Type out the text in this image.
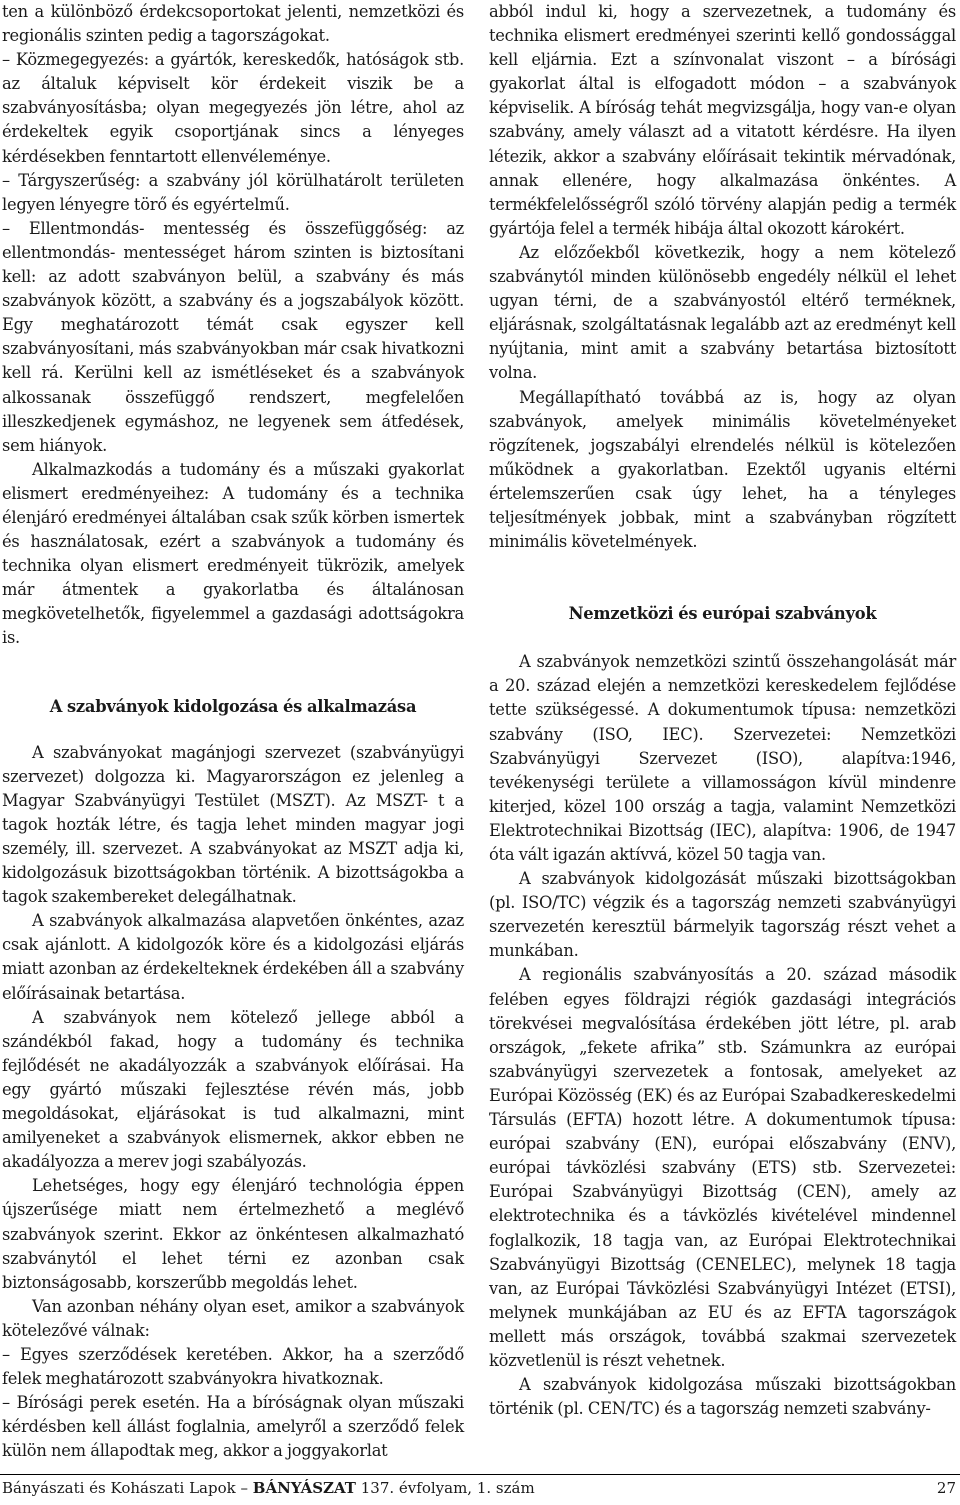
ten a különböző érdekcsoportokat jelenti, nemzetközi és regionális szinten pedig a tagországokat.

– Közmegegyezés: a gyártók, kereskedők, hatóságok stb. az általuk képviselt kör érdekeit viszik be a szabványosításba; olyan megegyezés jön létre, ahol az érdekeltek egyik csoportjának sincs a lényeges kérdésekben fenntartott ellenvéleménye.

– Tárgyszerűség: a szabvány jól körülhatárolt területen legyen lényegre törő és egyértelmű.

– Ellentmondás- mentesség és összefüggőség: az ellentmondás- mentességet három szinten is biztosítani kell: az adott szabványon belül, a szabvány és más szabványok között, a szabvány és a jogszabályok között. Egy meghatározott témát csak egyszer kell szabványosítani, más szabványokban már csak hivatkozni kell rá. Kerülni kell az ismétléseket és a szabványok alkossanak összefüggő rendszert, megfelelően illeszkedjenek egymáshoz, ne legyenek sem átfedések, sem hiányok.

Alkalmazkodás a tudomány és a műszaki gyakorlat elismert eredményeihez: A tudomány és a technika élenjáró eredményei általában csak szűk körben ismertek és használatosak, ezért a szabványok a tudomány és technika olyan elismert eredményeit tükrözik, amelyek már átmentek a gyakorlatba és általánosan megkövetelhetők, figyelemmel a gazdasági adottságokra is.

A szabványok kidolgozása és alkalmazása

A szabványokat magánjogi szervezet (szabványügyi szervezet) dolgozza ki. Magyarországon ez jelenleg a Magyar Szabványügyi Testület (MSZT). Az MSZT- t a tagok hozták létre, és tagja lehet minden magyar jogi személy, ill. szervezet. A szabványokat az MSZT adja ki, kidolgozásuk bizottságokban történik. A bizottságokba a tagok szakembereket delegálhatnak.

A szabványok alkalmazása alapvetően önkéntes, azaz csak ajánlott. A kidolgozók köre és a kidolgozási eljárás miatt azonban az érdekelteknek érdekében áll a szabvány előírásainak betartása.

A szabványok nem kötelező jellege abból a szándékból fakad, hogy a tudomány és technika fejlődését ne akadályozzák a szabványok előírásai. Ha egy gyártó műszaki fejlesztése révén más, jobb megoldásokat, eljárásokat is tud alkalmazni, mint amilyeneket a szabványok elismernek, akkor ebben ne akadályozza a merev jogi szabályozás.

Lehetséges, hogy egy élenjáró technológia éppen újszerűsége miatt nem értelmezhető a meglévő szabványok szerint. Ekkor az önkéntesen alkalmazható szabványtól el lehet térni ez azonban csak biztonságosabb, korszerűbb megoldás lehet.

Van azonban néhány olyan eset, amikor a szabványok kötelezővé válnak:

– Egyes szerződések keretében. Akkor, ha a szerződő felek meghatározott szabványokra hivatkoznak.

– Bírósági perek esetén. Ha a bíróságnak olyan műszaki kérdésben kell állást foglalnia, amelyről a szerződő felek külön nem állapodtak meg, akkor a joggyakorlat

abból indul ki, hogy a szervezetnek, a tudomány és technika elismert eredményei szerinti kellő gondossággal kell eljárnia. Ezt a színvonalat viszont – a bírósági gyakorlat által is elfogadott módon – a szabványok képviselik. A bíróság tehát megvizsgálja, hogy van-e olyan szabvány, amely választ ad a vitatott kérdésre. Ha ilyen létezik, akkor a szabvány előírásait tekintik mérvadónak, annak ellenére, hogy alkalmazása önkéntes. A termékfelelősségről szóló törvény alapján pedig a termék gyártója felel a termék hibája által okozott károkért.

Az előzőekből következik, hogy a nem kötelező szabványtól minden különösebb engedély nélkül el lehet ugyan térni, de a szabványostól eltérő terméknek, eljárásnak, szolgáltatásnak legalább azt az eredményt kell nyújtania, mint amit a szabvány betartása biztosított volna.

Megállapítható továbbá az is, hogy az olyan szabványok, amelyek minimális követelményeket rögzítenek, jogszabályi elrendelés nélkül is kötelezően működnek a gyakorlatban. Ezektől ugyanis eltérni értelemszerűen csak úgy lehet, ha a tényleges teljesítmények jobbak, mint a szabványban rögzített minimális követelmények.

Nemzetközi és európai szabványok

A szabványok nemzetközi szintű összehangolását már a 20. század elején a nemzetközi kereskedelem fejlődése tette szükségessé. A dokumentumok típusa: nemzetközi szabvány (ISO, IEC). Szervezetei: Nemzetközi Szabványügyi Szervezet (ISO), alapítva:1946, tevékenységi területe a villamosságon kívül mindenre kiterjed, közel 100 ország a tagja, valamint Nemzetközi Elektrotechnikai Bizottság (IEC), alapítva: 1906, de 1947 óta vált igazán aktívvá, közel 50 tagja van.

A szabványok kidolgozását műszaki bizottságokban (pl. ISO/TC) végzik és a tagország nemzeti szabványügyi szervezetén keresztül bármelyik tagország részt vehet a munkában.

A regionális szabványosítás a 20. század második felében egyes földrajzi régiók gazdasági integrációs törekvései megvalósítása érdekében jött létre, pl. arab országok, „fekete afrika” stb. Számunkra az európai szabványügyi szervezetek a fontosak, amelyeket az Európai Közösség (EK) és az Európai Szabadkereskedelmi Társulás (EFTA) hozott létre. A dokumentumok típusa: európai szabvány (EN), európai előszabvány (ENV), európai távközlési szabvány (ETS) stb. Szervezetei: Európai Szabványügyi Bizottság (CEN), amely az elektrotechnika és a távközlés kivételével mindennel foglalkozik, 18 tagja van, az Európai Elektrotechnikai Szabványügyi Bizottság (CENELEC), melynek 18 tagja van, az Európai Távközlési Szabványügyi Intézet (ETSI), melynek munkájában az EU és az EFTA tagországok mellett más országok, továbbá szakmai szervezetek közvetlenül is részt vehetnek.

A szabványok kidolgozása műszaki bizottságokban történik (pl. CEN/TC) és a tagország nemzeti szabvány-

Bányászati és Kohászati Lapok – BÁNYÁSZAT 137. évfolyam, 1. szám	27
